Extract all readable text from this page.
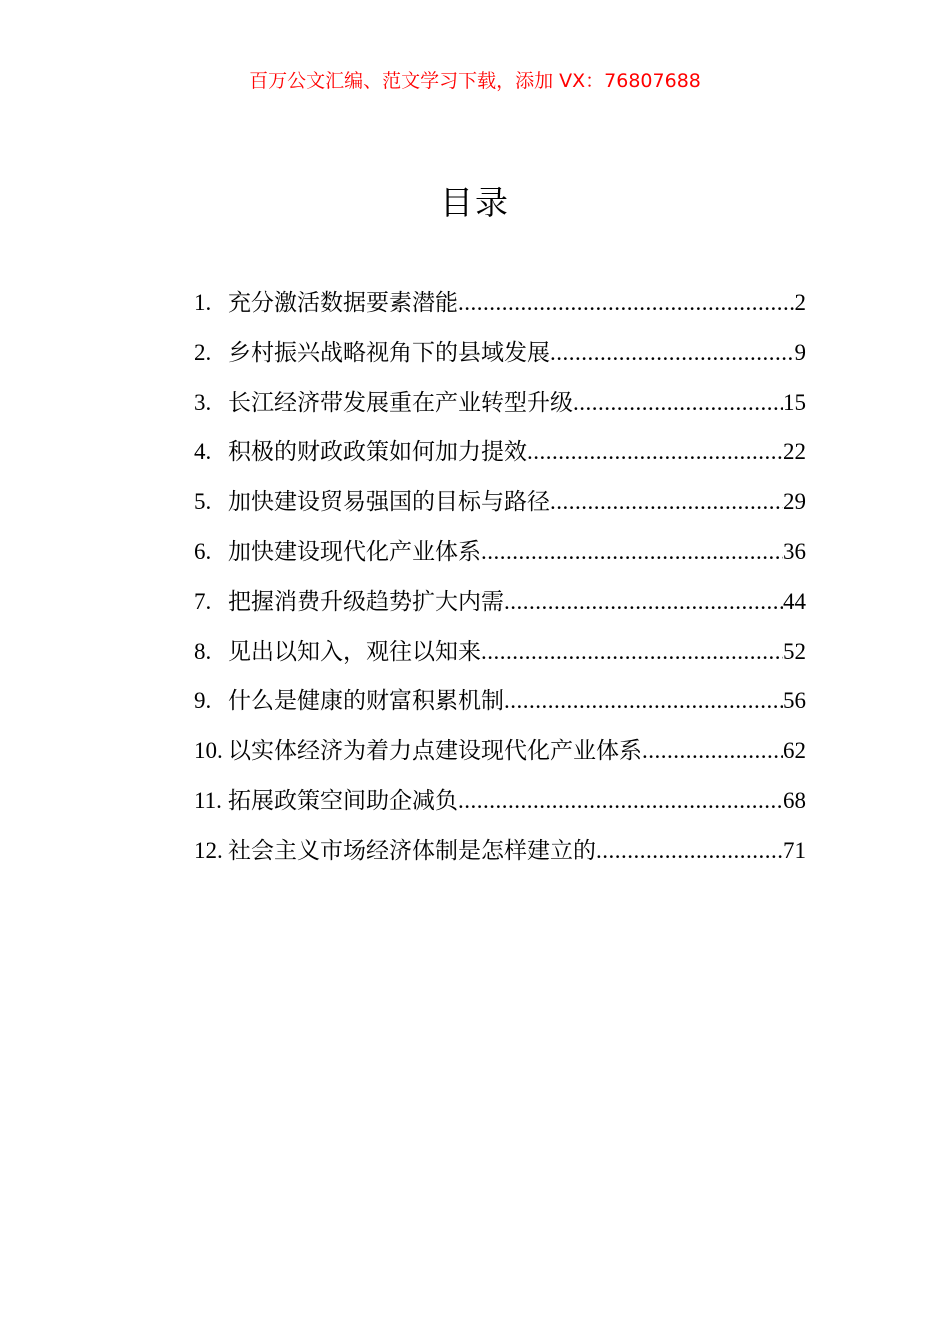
百万公文汇编、范文学习下载，添加 VX：76807688
目录
1. 充分激活数据要素潜能 .....	2
2. 乡村振兴战略视角下的县域发展 .....	9
3. 长江经济带发展重在产业转型升级 .....	15
4. 积极的财政政策如何加力提效 .....	22
5. 加快建设贸易强国的目标与路径 .....	29
6. 加快建设现代化产业体系 .....	36
7. 把握消费升级趋势扩大内需 .....	44
8. 见出以知入，观往以知来 .....	52
9. 什么是健康的财富积累机制 .....	56
10. 以实体经济为着力点建设现代化产业体系 .....	62
11. 拓展政策空间助企减负 .....	68
12. 社会主义市场经济体制是怎样建立的 .....	71
